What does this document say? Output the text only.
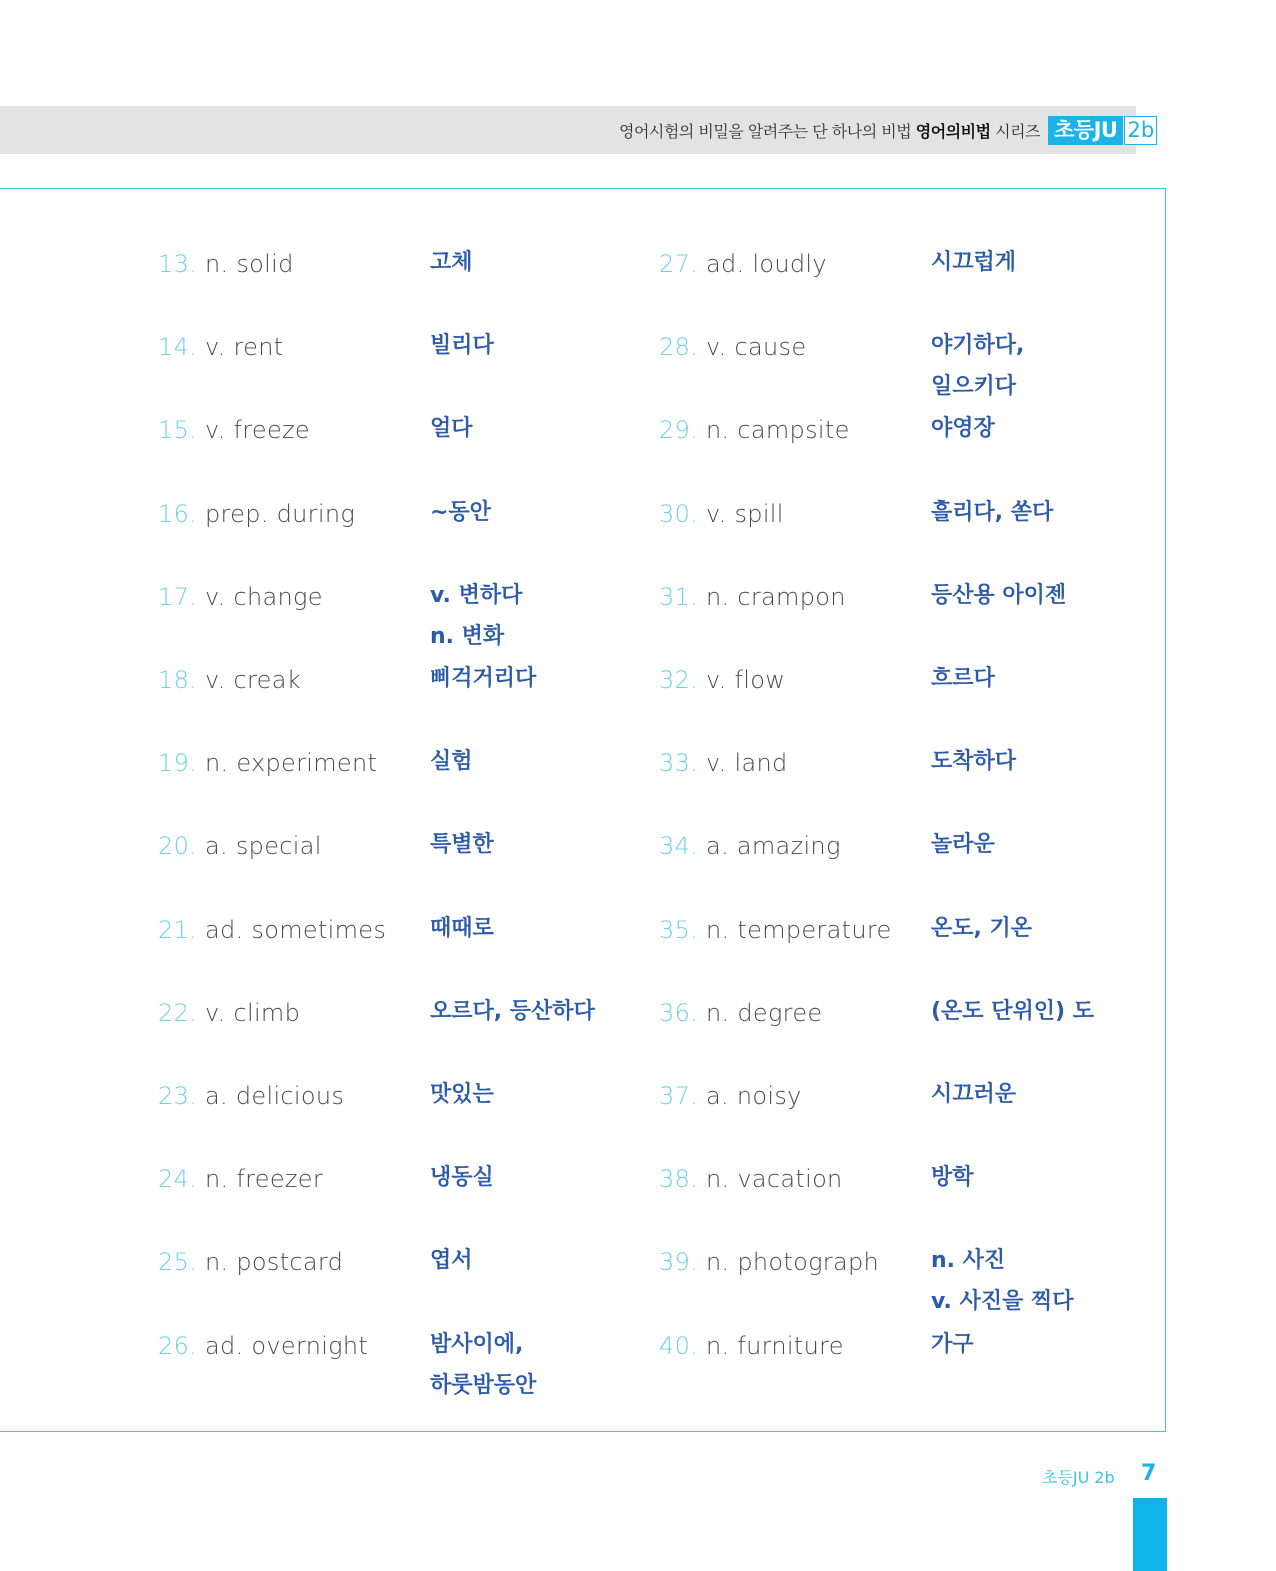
영어시험의 비밀을 알려주는 단 하나의 비법 영어의비법 시리즈 초등JU 2b
13. n. solid	고체
14. v. rent	빌리다
15. v. freeze	얼다
16. prep. during	~동안
17. v. change	v. 변하다
n. 변화
18. v. creak	삐걱거리다
19. n. experiment 실험
20. a. special	특별한
21. ad. sometimes 때때로
22. v. climb	오르다, 등산하다
23. a. delicious	맛있는
24. n. freezer	냉동실
25. n. postcard	엽서
26. ad. overnight	밤사이에,
하룻밤동안
27. ad. loudly	시끄럽게
28. v. cause	야기하다,
일으키다
29. n. campsite	야영장
30. v. spill	흘리다, 쏟다
31. n. crampon	등산용 아이젠
32. v. flow	흐르다
33. v. land	도착하다
34. a. amazing	놀라운
35. n. temperature 온도, 기온
36. n. degree	(온도 단위인) 도
37. a. noisy	시끄러운
38. n. vacation	방학
39. n. photograph n. 사진
v. 사진을 찍다
40. n. furniture	가구
초등JU 2b 7
